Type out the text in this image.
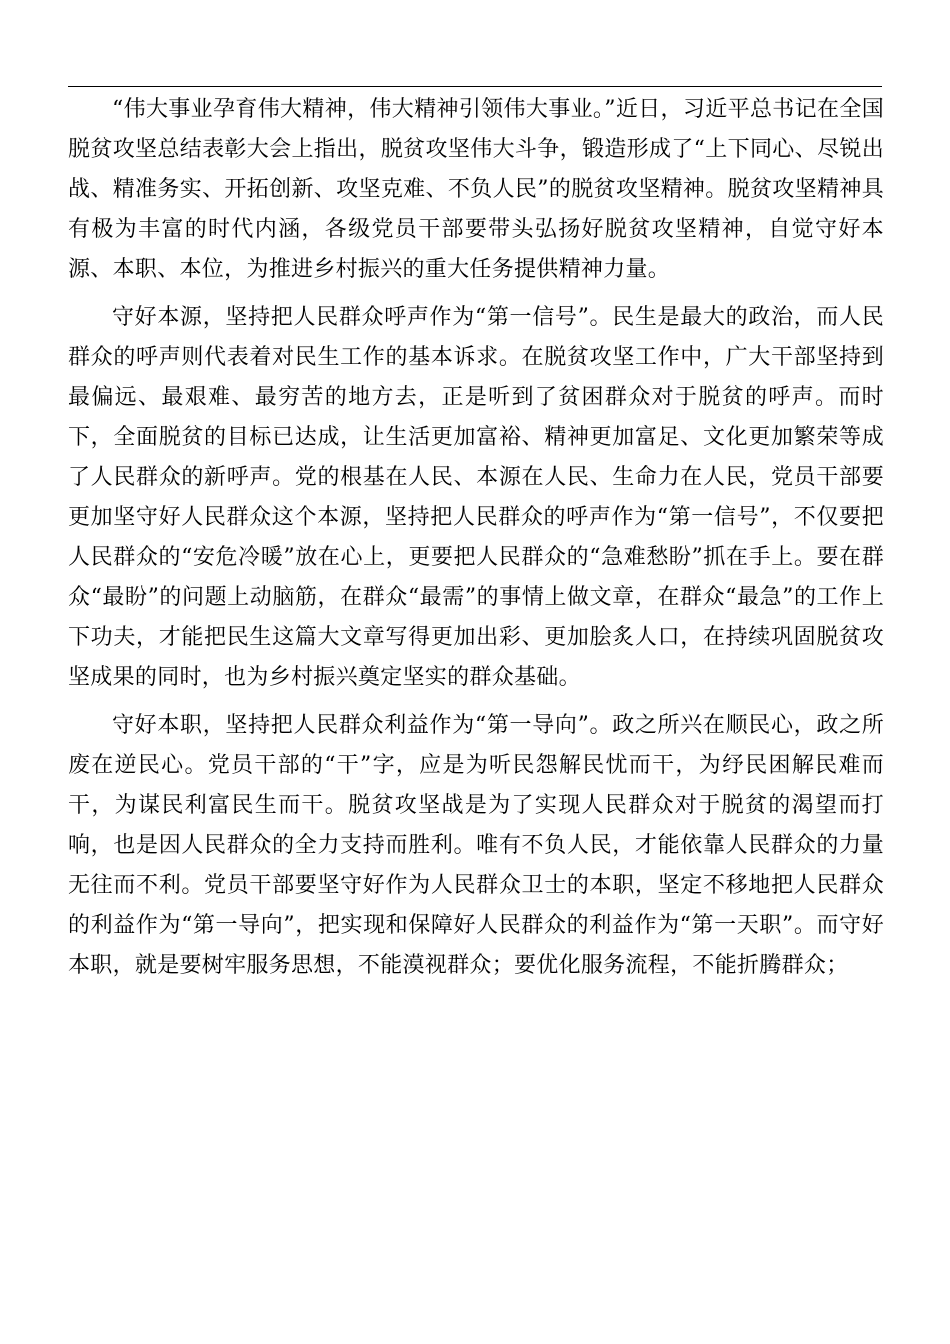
“伟大事业孕育伟大精神，伟大精神引领伟大事业。”近日，习近平总书记在全国脱贫攻坚总结表彰大会上指出，脱贫攻坚伟大斗争，锻造形成了“上下同心、尽锐出战、精准务实、开拓创新、攻坚克难、不负人民”的脱贫攻坚精神。脱贫攻坚精神具有极为丰富的时代内涵，各级党员干部要带头弘扬好脱贫攻坚精神，自觉守好本源、本职、本位，为推进乡村振兴的重大任务提供精神力量。

守好本源，坚持把人民群众呼声作为“第一信号”。民生是最大的政治，而人民群众的呼声则代表着对民生工作的基本诉求。在脱贫攻坚工作中，广大干部坚持到最偏远、最艰难、最穷苦的地方去，正是听到了贫困群众对于脱贫的呼声。而时下，全面脱贫的目标已达成，让生活更加富裕、精神更加富足、文化更加繁荣等成了人民群众的新呼声。党的根基在人民、本源在人民、生命力在人民，党员干部要更加坚守好人民群众这个本源，坚持把人民群众的呼声作为“第一信号”，不仅要把人民群众的“安危冷暖”放在心上，更要把人民群众的“急难愁盼”抓在手上。要在群众“最盼”的问题上动脑筋，在群众“最需”的事情上做文章，在群众“最急”的工作上下功夫，才能把民生这篇大文章写得更加出彩、更加脍炙人口，在持续巩固脱贫攻坚成果的同时，也为乡村振兴奠定坚实的群众基础。

守好本职，坚持把人民群众利益作为“第一导向”。政之所兴在顺民心，政之所废在逆民心。党员干部的“干”字，应是为听民怨解民忧而干，为纾民困解民难而干，为谋民利富民生而干。脱贫攻坚战是为了实现人民群众对于脱贫的渴望而打响，也是因人民群众的全力支持而胜利。唯有不负人民，才能依靠人民群众的力量无往而不利。党员干部要坚守好作为人民群众卫士的本职，坚定不移地把人民群众的利益作为“第一导向”，把实现和保障好人民群众的利益作为“第一天职”。而守好本职，就是要树牢服务思想，不能漠视群众；要优化服务流程，不能折腾群众；
